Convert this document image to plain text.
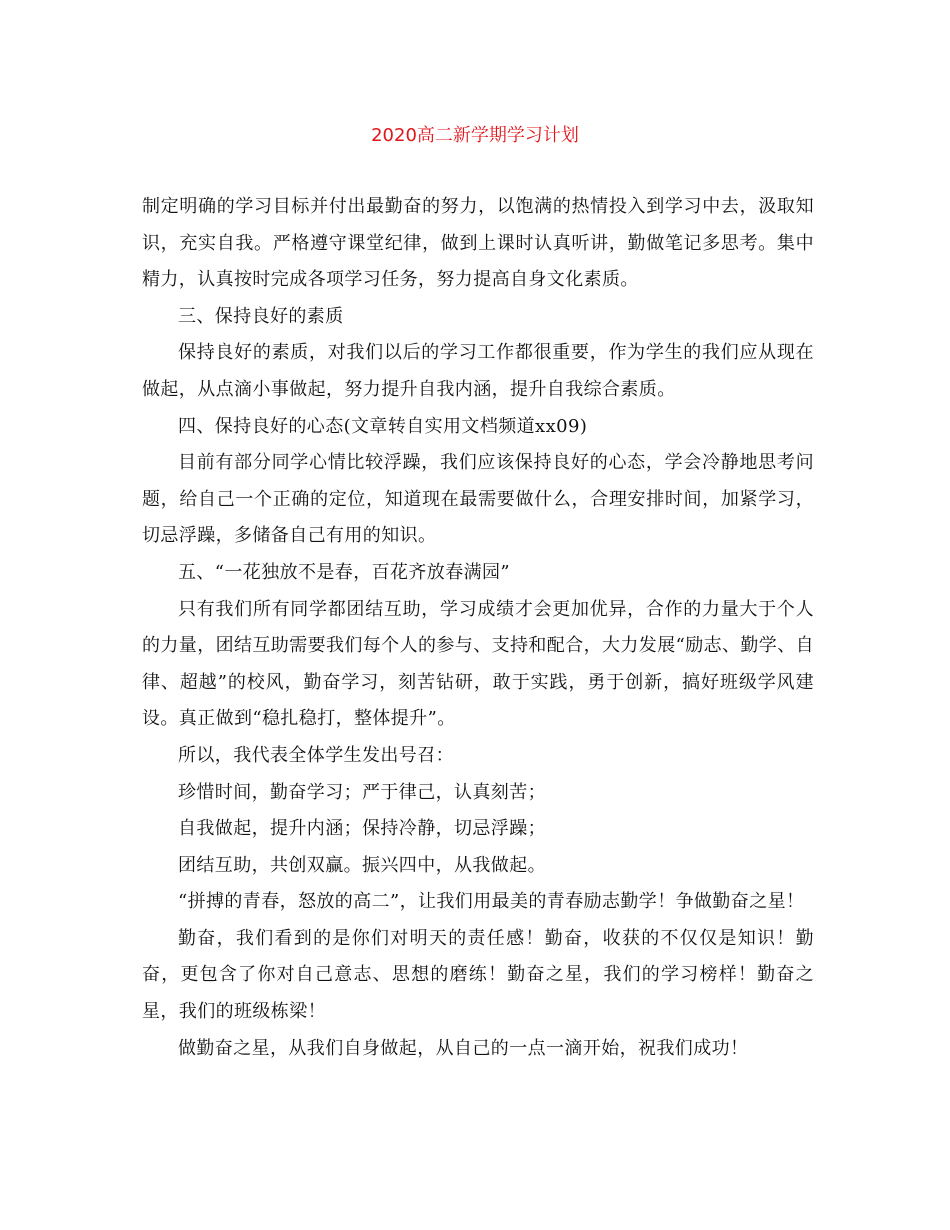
2020高二新学期学习计划

制定明确的学习目标并付出最勤奋的努力，以饱满的热情投入到学习中去，汲取知识，充实自我。严格遵守课堂纪律，做到上课时认真听讲，勤做笔记多思考。集中精力，认真按时完成各项学习任务，努力提高自身文化素质。

三、保持良好的素质

保持良好的素质，对我们以后的学习工作都很重要，作为学生的我们应从现在做起，从点滴小事做起，努力提升自我内涵，提升自我综合素质。

四、保持良好的心态(文章转自实用文档频道xx09)

目前有部分同学心情比较浮躁，我们应该保持良好的心态，学会冷静地思考问题，给自己一个正确的定位，知道现在最需要做什么，合理安排时间，加紧学习，切忌浮躁，多储备自己有用的知识。

五、“一花独放不是春，百花齐放春满园”

只有我们所有同学都团结互助，学习成绩才会更加优异，合作的力量大于个人的力量，团结互助需要我们每个人的参与、支持和配合，大力发展“励志、勤学、自律、超越”的校风，勤奋学习，刻苦钻研，敢于实践，勇于创新，搞好班级学风建设。真正做到“稳扎稳打，整体提升”。

所以，我代表全体学生发出号召：

珍惜时间，勤奋学习；严于律己，认真刻苦；

自我做起，提升内涵；保持冷静，切忌浮躁；

团结互助，共创双赢。振兴四中，从我做起。

“拼搏的青春，怒放的高二”，让我们用最美的青春励志勤学！争做勤奋之星！

勤奋，我们看到的是你们对明天的责任感！勤奋，收获的不仅仅是知识！勤奋，更包含了你对自己意志、思想的磨练！勤奋之星，我们的学习榜样！勤奋之星，我们的班级栋梁！

做勤奋之星，从我们自身做起，从自己的一点一滴开始，祝我们成功！
